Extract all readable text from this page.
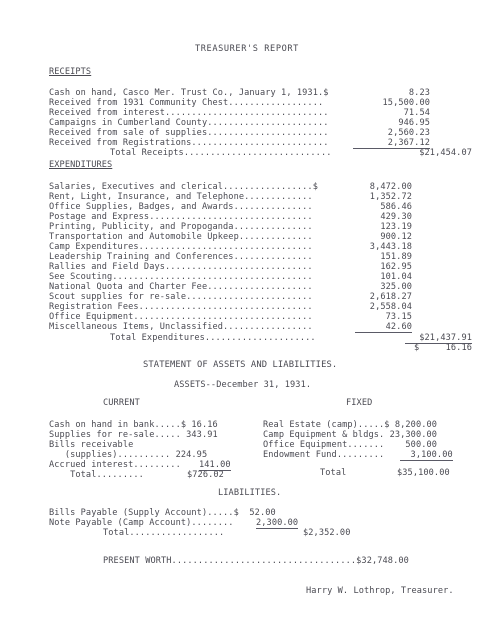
TREASURER'S REPORT
RECEIPTS
Cash on hand, Casco Mer. Trust Co., January 1, 1931.$	8.23
Received from 1931 Community Chest..................	15,500.00
Received from interest...............................	71.54
Campaigns in Cumberland County.......................	946.95
Received from sale of supplies.......................	2,560.23
Received from Registrations..........................	2,367.12
Total Receipts............................	$21,454.07
EXPENDITURES
Salaries, Executives and clerical.................$	8,472.00
Rent, Light, Insurance, and Telephone.............	1,352.72
Office Supplies, Badges, and Awards...............	586.46
Postage and Express...............................	429.30
Printing, Publicity, and Propoganda...............	123.19
Transportation and Automobile Upkeep..............	900.12
Camp Expenditures.................................	3,443.18
Leadership Training and Conferences...............	151.89
Rallies and Field Days............................	162.95
See Scouting......................................	101.04
National Quota and Charter Fee....................	325.00
Scout supplies for re-sale........................	2,618.27
Registration Fees.................................	2,558.04
Office Equipment..................................	73.15
Miscellaneous Items, Unclassified.................	42.60
Total Expenditures.....................	$21,437.91
$     16.16
STATEMENT OF ASSETS AND LIABILITIES.
ASSETS--December 31, 1931.
CURRENT	FIXED
Cash on hand in bank.....$ 16.16
Supplies for re-sale..... 343.91
Bills receivable
(supplies).......... 224.95
Accrued interest......... 141.00
Total.........	$726.02
Real Estate (camp).....$ 8,200.00
Camp Equipment & bldgs. 23,300.00
Office Equipment.......    500.00
Endowment Fund......... 3,100.00
Total	$35,100.00
LIABILITIES.
Bills Payable (Supply Account).....$  52.00
Note Payable (Camp Account)........	2,300.00
Total..................	$2,352.00
PRESENT WORTH...................................$32,748.00
Harry W. Lothrop, Treasurer.
